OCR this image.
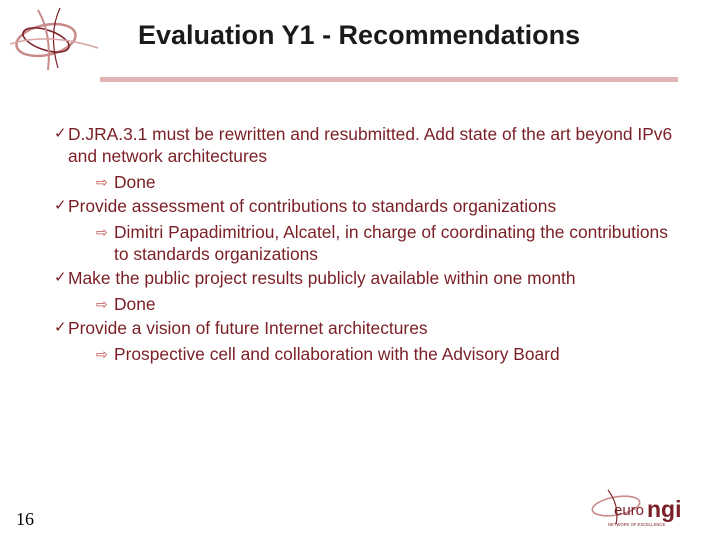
Evaluation Y1 - Recommendations
✓ D.JRA.3.1 must be rewritten and resubmitted. Add state of the art beyond IPv6 and network architectures
⇨ Done
✓ Provide assessment of contributions to standards organizations
⇨ Dimitri Papadimitriou, Alcatel, in charge of coordinating the contributions to standards organizations
✓ Make the public project results publicly available within one month
⇨ Done
✓ Provide a vision of future Internet architectures
⇨ Prospective cell and collaboration with the Advisory Board
16	euro ngi
NETWORK OF EXCELLENCE
